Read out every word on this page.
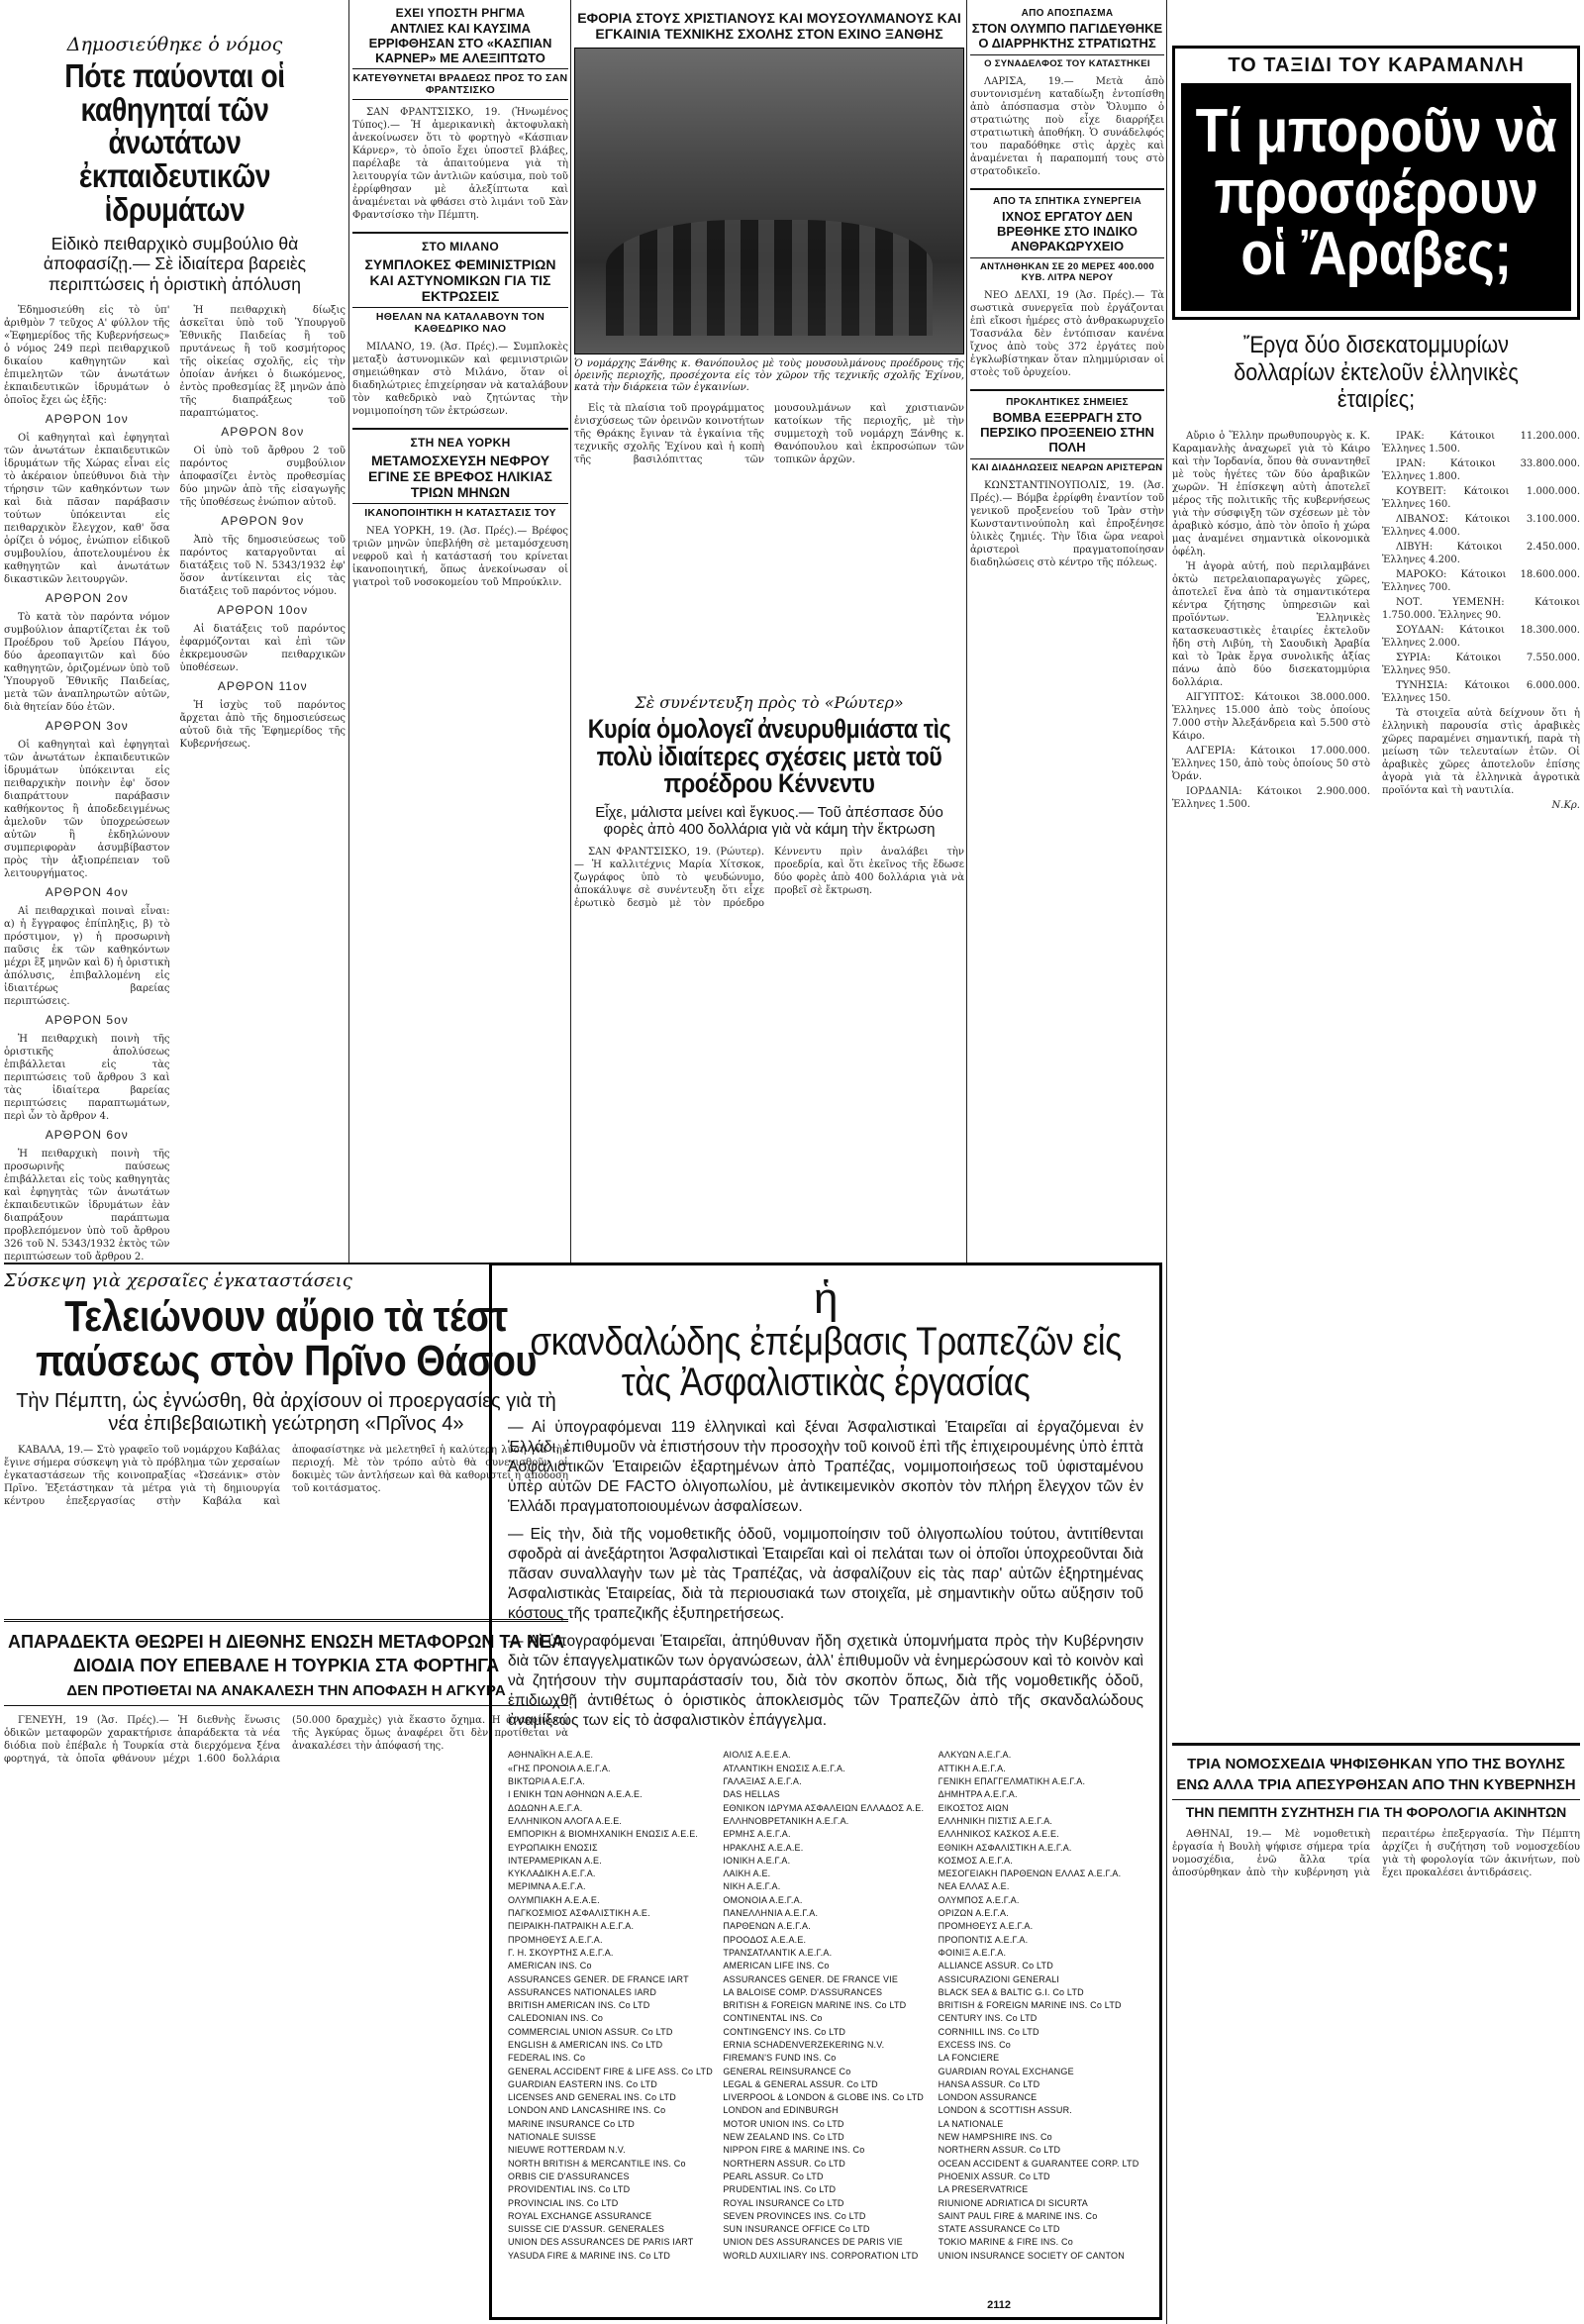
Δημοσιεύθηκε ὁ νόμος
Πότε παύονται οἱ καθηγηταί τῶν ἀνωτάτων ἐκπαιδευτικῶν ἱδρυμάτων
Εἰδικὸ πειθαρχικὸ συμβούλιο θὰ ἀποφασίζῃ.— Σὲ ἰδιαίτερα βαρειὲς περιπτώσεις ἡ ὁριστικὴ ἀπόλυση

Ἐδημοσιεύθη εἰς τὸ ὑπ' ἀριθμὸν 7 τεῦχος Α' φύλλον τῆς «Ἐφημερίδος τῆς Κυβερνήσεως» ὁ νόμος 249 περὶ πειθαρχικοῦ δικαίου καθηγητῶν καὶ ἐπιμελητῶν τῶν ἀνωτάτων ἐκπαιδευτικῶν ἱδρυμάτων ὁ ὁποῖος ἔχει ὡς ἑξῆς:

ΑΡΘΡΟΝ 1ον

Οἱ καθηγηταὶ καὶ ἐφηγηταὶ τῶν ἀνωτάτων ἐκπαιδευτικῶν ἱδρυμάτων τῆς Χώρας εἶναι εἰς τὸ ἀκέραιον ὑπεύθυνοι διὰ τὴν τήρησιν τῶν καθηκόντων των καὶ διὰ πᾶσαν παράβασιν τούτων ὑπόκεινται εἰς πειθαρχικὸν ἔλεγχον, καθ' ὅσα ὁρίζει ὁ νόμος, ἐνώπιον εἰδικοῦ συμβουλίου, ἀποτελουμένου ἐκ καθηγητῶν καὶ ἀνωτάτων δικαστικῶν λειτουργῶν.

ΑΡΘΡΟΝ 2ον

Τὸ κατὰ τὸν παρόντα νόμον συμβούλιον ἀπαρτίζεται ἐκ τοῦ Προέδρου τοῦ Ἀρείου Πάγου, δύο ἀρεοπαγιτῶν καὶ δύο καθηγητῶν, ὁριζομένων ὑπὸ τοῦ Ὑπουργοῦ Ἐθνικῆς Παιδείας, μετὰ τῶν ἀναπληρωτῶν αὐτῶν, διὰ θητείαν δύο ἐτῶν.

ΑΡΘΡΟΝ 3ον

Οἱ καθηγηταὶ καὶ ἐφηγηταὶ τῶν ἀνωτάτων ἐκπαιδευτικῶν ἱδρυμάτων ὑπόκεινται εἰς πειθαρχικὴν ποινὴν ἐφ' ὅσον διαπράττουν παράβασιν καθήκοντος ἢ ἀποδεδειγμένως ἀμελοῦν τῶν ὑποχρεώσεων αὐτῶν ἢ ἐκδηλώνουν συμπεριφορὰν ἀσυμβίβαστον πρὸς τὴν ἀξιοπρέπειαν τοῦ λειτουργήματος.

ΑΡΘΡΟΝ 4ον

Αἱ πειθαρχικαὶ ποιναὶ εἶναι: α) ἡ ἔγγραφος ἐπίπληξις, β) τὸ πρόστιμον, γ) ἡ προσωρινὴ παῦσις ἐκ τῶν καθηκόντων μέχρι ἓξ μηνῶν καὶ δ) ἡ ὁριστικὴ ἀπόλυσις, ἐπιβαλλομένη εἰς ἰδιαιτέρως βαρείας περιπτώσεις.

ΑΡΘΡΟΝ 5ον

Ἡ πειθαρχικὴ ποινὴ τῆς ὁριστικῆς ἀπολύσεως ἐπιβάλλεται εἰς τὰς περιπτώσεις τοῦ ἄρθρου 3 καὶ τὰς ἰδιαίτερα βαρείας περιπτώσεις παραπτωμάτων, περὶ ὧν τὸ ἄρθρον 4.

ΑΡΘΡΟΝ 6ον

Ἡ πειθαρχικὴ ποινὴ τῆς προσωρινῆς παύσεως ἐπιβάλλεται εἰς τοὺς καθηγητὰς καὶ ἐφηγητὰς τῶν ἀνωτάτων ἐκπαιδευτικῶν ἱδρυμάτων ἐὰν διαπράξουν παράπτωμα προβλεπόμενον ὑπὸ τοῦ ἄρθρου 326 τοῦ Ν. 5343/1932 ἐκτὸς τῶν περιπτώσεων τοῦ ἄρθρου 2.

Ἡ πειθαρχικὴ δίωξις ἀσκεῖται ὑπὸ τοῦ Ὑπουργοῦ Ἐθνικῆς Παιδείας ἢ τοῦ πρυτάνεως ἢ τοῦ κοσμήτορος τῆς οἰκείας σχολῆς, εἰς τὴν ὁποίαν ἀνήκει ὁ διωκόμενος, ἐντὸς προθεσμίας ἓξ μηνῶν ἀπὸ τῆς διαπράξεως τοῦ παραπτώματος.

ΑΡΘΡΟΝ 8ον

Οἱ ὑπὸ τοῦ ἄρθρου 2 τοῦ παρόντος συμβούλιον ἀποφασίζει ἐντὸς προθεσμίας δύο μηνῶν ἀπὸ τῆς εἰσαγωγῆς τῆς ὑποθέσεως ἐνώπιον αὐτοῦ.

ΑΡΘΡΟΝ 9ον

Ἀπὸ τῆς δημοσιεύσεως τοῦ παρόντος καταργοῦνται αἱ διατάξεις τοῦ Ν. 5343/1932 ἐφ' ὅσον ἀντίκεινται εἰς τὰς διατάξεις τοῦ παρόντος νόμου.

ΑΡΘΡΟΝ 10ον

Αἱ διατάξεις τοῦ παρόντος ἐφαρμόζονται καὶ ἐπὶ τῶν ἐκκρεμουσῶν πειθαρχικῶν ὑποθέσεων.

ΑΡΘΡΟΝ 11ον

Ἡ ἰσχὺς τοῦ παρόντος ἄρχεται ἀπὸ τῆς δημοσιεύσεως αὐτοῦ διὰ τῆς Ἐφημερίδος τῆς Κυβερνήσεως.

Σύσκεψη γιὰ χερσαῖες ἐγκαταστάσεις
Τελειώνουν αὔριο τὰ τέστ παύσεως στὸν Πρῖνο Θάσου
Τὴν Πέμπτη, ὡς ἐγνώσθη, θὰ ἀρχίσουν οἱ προεργασίες γιὰ τὴ νέα ἐπιβεβαιωτικὴ γεώτρηση «Πρῖνος 4»

ΚΑΒΑΛΑ, 19.— Στὸ γραφεῖο τοῦ νομάρχου Καβάλας ἔγινε σήμερα σύσκεψη γιὰ τὸ πρόβλημα τῶν χερσαίων ἐγκαταστάσεων τῆς κοινοπραξίας «Ὠσεάνικ» στὸν Πρῖνο. Ἐξετάστηκαν τὰ μέτρα γιὰ τὴ δημιουργία κέντρου ἐπεξεργασίας στὴν Καβάλα καὶ ἀποφασίστηκε νὰ μελετηθεῖ ἡ καλύτερη λύση γιὰ τὴν περιοχή. Μὲ τὸν τρόπο αὐτὸ θὰ συνεχισθοῦν οἱ δοκιμὲς τῶν ἀντλήσεων καὶ θὰ καθοριστεῖ ἡ ἀπόδοση τοῦ κοιτάσματος.

ΑΠΑΡΑΔΕΚΤΑ ΘΕΩΡΕΙ Η ΔΙΕΘΝΗΣ ΕΝΩΣΗ ΜΕΤΑΦΟΡΩΝ ΤΑ ΝΕΑ ΔΙΟΔΙΑ ΠΟΥ ΕΠΕΒΑΛΕ Η ΤΟΥΡΚΙΑ ΣΤΑ ΦΟΡΤΗΓΑ
ΔΕΝ ΠΡΟΤΙΘΕΤΑΙ ΝΑ ΑΝΑΚΑΛΕΣΗ ΤΗΝ ΑΠΟΦΑΣΗ Η ΑΓΚΥΡΑ

ΓΕΝΕΥΗ, 19 (Ἀσ. Πρές).— Ἡ διεθνὴς ἕνωσις ὁδικῶν μεταφορῶν χαρακτήρισε ἀπαράδεκτα τὰ νέα διόδια ποὺ ἐπέβαλε ἡ Τουρκία στὰ διερχόμενα ξένα φορτηγά, τὰ ὁποῖα φθάνουν μέχρι 1.600 δολλάρια (50.000 δραχμὲς) γιὰ ἕκαστο ὄχημα. Ἡ ἀνακοίνωση τῆς Ἀγκύρας ὅμως ἀναφέρει ὅτι δὲν προτίθεται νὰ ἀνακαλέσει τὴν ἀπόφασή της.

ΕΧΕΙ ΥΠΟΣΤΗ ΡΗΓΜΑ
ΑΝΤΛΙΕΣ ΚΑΙ ΚΑΥΣΙΜΑ ΕΡΡΙΦΘΗΣΑΝ ΣΤΟ «ΚΑΣΠΙΑΝ ΚΑΡΝΕΡ» ΜΕ ΑΛΕΞΙΠΤΩΤΟ
ΚΑΤΕΥΘΥΝΕΤΑΙ ΒΡΑΔΕΩΣ ΠΡΟΣ ΤΟ ΣΑΝ ΦΡΑΝΤΣΙΣΚΟ

ΣΑΝ ΦΡΑΝΤΣΙΣΚΟ, 19. (Ἡνωμένος Τύπος).— Ἡ ἀμερικανικὴ ἀκτοφυλακὴ ἀνεκοίνωσεν ὅτι τὸ φορτηγὸ «Κάσπιαν Κάρνερ», τὸ ὁποῖο ἔχει ὑποστεῖ βλάβες, παρέλαβε τὰ ἀπαιτούμενα γιὰ τὴ λειτουργία τῶν ἀντλιῶν καύσιμα, ποὺ τοῦ ἐρρίφθησαν μὲ ἀλεξίπτωτα καὶ ἀναμένεται νὰ φθάσει στὸ λιμάνι τοῦ Σὰν Φραντσίσκο τὴν Πέμπτη.

ΣΤΟ ΜΙΛΑΝΟ
ΣΥΜΠΛΟΚΕΣ ΦΕΜΙΝΙΣΤΡΙΩΝ ΚΑΙ ΑΣΤΥΝΟΜΙΚΩΝ ΓΙΑ ΤΙΣ ΕΚΤΡΩΣΕΙΣ
ΗΘΕΛΑΝ ΝΑ ΚΑΤΑΛΑΒΟΥΝ ΤΟΝ ΚΑΘΕΔΡΙΚΟ ΝΑΟ

ΜΙΛΑΝΟ, 19. (Ἀσ. Πρές).— Συμπλοκὲς μεταξὺ ἀστυνομικῶν καὶ φεμινιστριῶν σημειώθηκαν στὸ Μιλάνο, ὅταν οἱ διαδηλώτριες ἐπιχείρησαν νὰ καταλάβουν τὸν καθεδρικὸ ναὸ ζητώντας τὴν νομιμοποίηση τῶν ἐκτρώσεων.

ΣΤΗ ΝΕΑ ΥΟΡΚΗ
ΜΕΤΑΜΟΣΧΕΥΣΗ ΝΕΦΡΟΥ ΕΓΙΝΕ ΣΕ ΒΡΕΦΟΣ ΗΛΙΚΙΑΣ ΤΡΙΩΝ ΜΗΝΩΝ
ΙΚΑΝΟΠΟΙΗΤΙΚΗ Η ΚΑΤΑΣΤΑΣΙΣ ΤΟΥ

ΝΕΑ ΥΟΡΚΗ, 19. (Ἀσ. Πρές).— Βρέφος τριῶν μηνῶν ὑπεβλήθη σὲ μεταμόσχευση νεφροῦ καὶ ἡ κατάστασή του κρίνεται ἱκανοποιητική, ὅπως ἀνεκοίνωσαν οἱ γιατροὶ τοῦ νοσοκομείου τοῦ Μπρούκλιν.

ΕΦΟΡΙΑ ΣΤΟΥΣ ΧΡΙΣΤΙΑΝΟΥΣ ΚΑΙ ΜΟΥΣΟΥΛΜΑΝΟΥΣ ΚΑΙ ΕΓΚΑΙΝΙΑ ΤΕΧΝΙΚΗΣ ΣΧΟΛΗΣ ΣΤΟΝ ΕΧΙΝΟ ΞΑΝΘΗΣ
Ὁ νομάρχης Ξάνθης κ. Θανόπουλος μὲ τοὺς μουσουλμάνους προέδρους τῆς ὀρεινῆς περιοχῆς, προσέχοντα εἰς τὸν χῶρον τῆς τεχνικῆς σχολῆς Ἐχίνου, κατὰ τὴν διάρκεια τῶν ἐγκαινίων.

Εἰς τὰ πλαίσια τοῦ προγράμματος ἐνισχύσεως τῶν ὀρεινῶν κοινοτήτων τῆς Θράκης ἔγιναν τὰ ἐγκαίνια τῆς τεχνικῆς σχολῆς Ἐχίνου καὶ ἡ κοπὴ τῆς βασιλόπιττας τῶν μουσουλμάνων καὶ χριστιανῶν κατοίκων τῆς περιοχῆς, μὲ τὴν συμμετοχὴ τοῦ νομάρχη Ξάνθης κ. Θανόπουλου καὶ ἐκπροσώπων τῶν τοπικῶν ἀρχῶν.

Σὲ συνέντευξη πρὸς τὸ «Ρώυτερ»
Κυρία ὁμολογεῖ ἀνευρυθμιάστα τὶς πολὺ ἰδιαίτερες σχέσεις μετὰ τοῦ προέδρου Κέννεντυ
Εἶχε, μάλιστα μείνει καὶ ἔγκυος.— Τοῦ ἀπέσπασε δύο φορὲς ἀπὸ 400 δολλάρια γιὰ νὰ κάμη τὴν ἔκτρωση

ΣΑΝ ΦΡΑΝΤΣΙΣΚΟ, 19. (Ρώυτερ).— Ἡ καλλιτέχνις Μαρία Χίτσκοκ, ζωγράφος ὑπὸ τὸ ψευδώνυμο, ἀποκάλυψε σὲ συνέντευξη ὅτι εἶχε ἐρωτικὸ δεσμὸ μὲ τὸν πρόεδρο Κέννεντυ πρὶν ἀναλάβει τὴν προεδρία, καὶ ὅτι ἐκεῖνος τῆς ἔδωσε δύο φορὲς ἀπὸ 400 δολλάρια γιὰ νὰ προβεῖ σὲ ἔκτρωση.

ΑΠΟ ΑΠΟΣΠΑΣΜΑ
ΣΤΟΝ ΟΛΥΜΠΟ ΠΑΓΙΔΕΥΘΗΚΕ Ο ΔΙΑΡΡΗΚΤΗΣ ΣΤΡΑΤΙΩΤΗΣ
Ο ΣΥΝΑΔΕΛΦΟΣ ΤΟΥ ΚΑΤΑΣΤΗΚΕΙ

ΛΑΡΙΣΑ, 19.— Μετὰ ἀπὸ συντονισμένη καταδίωξη ἐντοπίσθη ἀπὸ ἀπόσπασμα στὸν Ὄλυμπο ὁ στρατιώτης ποὺ εἶχε διαρρήξει στρατιωτικὴ ἀποθήκη. Ὁ συνάδελφός του παραδόθηκε στὶς ἀρχὲς καὶ ἀναμένεται ἡ παραπομπή τους στὸ στρατοδικεῖο.

ΑΠΟ ΤΑ ΣΠΗΤΙΚΑ ΣΥΝΕΡΓΕΙΑ
ΙΧΝΟΣ ΕΡΓΑΤΟΥ ΔΕΝ ΒΡΕΘΗΚΕ ΣΤΟ ΙΝΔΙΚΟ ΑΝΘΡΑΚΩΡΥΧΕΙΟ
ΑΝΤΛΗΘΗΚΑΝ ΣΕ 20 ΜΕΡΕΣ 400.000 ΚΥΒ. ΛΙΤΡΑ ΝΕΡΟΥ

ΝΕΟ ΔΕΛΧΙ, 19 (Ἀσ. Πρές).— Τὰ σωστικὰ συνεργεῖα ποὺ ἐργάζονται ἐπὶ εἴκοσι ἡμέρες στὸ ἀνθρακωρυχεῖο Τσασνάλα δὲν ἐντόπισαν κανένα ἴχνος ἀπὸ τοὺς 372 ἐργάτες ποὺ ἐγκλωβίστηκαν ὅταν πλημμύρισαν οἱ στοὲς τοῦ ὀρυχείου.

ΠΡΟΚΛΗΤΙΚΕΣ ΣΗΜΕΙΕΣ
ΒΟΜΒΑ ΕΞΕΡΡΑΓΗ ΣΤΟ ΠΕΡΣΙΚΟ ΠΡΟΞΕΝΕΙΟ ΣΤΗΝ ΠΟΛΗ
ΚΑΙ ΔΙΑΔΗΛΩΣΕΙΣ ΝΕΑΡΩΝ ΑΡΙΣΤΕΡΩΝ

ΚΩΝΣΤΑΝΤΙΝΟΥΠΟΛΙΣ, 19. (Ἀσ. Πρές).— Βόμβα ἐρρίφθη ἐναντίον τοῦ γενικοῦ προξενείου τοῦ Ἰρὰν στὴν Κωνσταντινούπολη καὶ ἐπροξένησε ὑλικὲς ζημιές. Τὴν ἴδια ὥρα νεαροὶ ἀριστεροὶ πραγματοποίησαν διαδηλώσεις στὸ κέντρο τῆς πόλεως.

ἡ
σκανδαλώδης ἐπέμβασις Τραπεζῶν εἰς τὰς Ἀσφαλιστικὰς ἐργασίας

— Αἱ ὑπογραφόμεναι 119 ἑλληνικαὶ καὶ ξέναι Ἀσφαλιστικαὶ Ἑταιρεῖαι αἱ ἐργαζόμεναι ἐν Ἑλλάδι, ἐπιθυμοῦν νὰ ἐπιστήσουν τὴν προσοχὴν τοῦ κοινοῦ ἐπὶ τῆς ἐπιχειρουμένης ὑπὸ ἑπτὰ Ἀσφαλιστικῶν Ἑταιρειῶν ἐξαρτημένων ἀπὸ Τραπέζας, νομιμοποιήσεως τοῦ ὑφισταμένου ὑπὲρ αὐτῶν DE FACTO ὀλιγοπωλίου, μὲ ἀντικειμενικὸν σκοπὸν τὸν πλήρη ἔλεγχον τῶν ἐν Ἑλλάδι πραγματοποιουμένων ἀσφαλίσεων.

— Εἰς τὴν, διὰ τῆς νομοθετικῆς ὁδοῦ, νομιμοποίησιν τοῦ ὀλιγοπωλίου τούτου, ἀντιτίθενται σφοδρὰ αἱ ἀνεξάρτητοι Ἀσφαλιστικαὶ Ἑταιρεῖαι καὶ οἱ πελάται των οἱ ὁποῖοι ὑποχρεοῦνται διὰ πᾶσαν συναλλαγὴν των μὲ τὰς Τραπέζας, νὰ ἀσφαλίζουν εἰς τὰς παρ' αὐτῶν ἐξηρτημένας Ἀσφαλιστικὰς Ἑταιρείας, διὰ τὰ περιουσιακά των στοιχεῖα, μὲ σημαντικὴν οὕτω αὔξησιν τοῦ κόστους τῆς τραπεζικῆς ἐξυπηρετήσεως.

— Αἱ ὑπογραφόμεναι Ἑταιρεῖαι, ἀπηύθυναν ἤδη σχετικὰ ὑπομνήματα πρὸς τὴν Κυβέρνησιν διὰ τῶν ἐπαγγελματικῶν των ὀργανώσεων, ἀλλ' ἐπιθυμοῦν νὰ ἐνημερώσουν καὶ τὸ κοινὸν καὶ νὰ ζητήσουν τὴν συμπαράστασίν του, διὰ τὸν σκοπὸν ὅπως, διὰ τῆς νομοθετικῆς ὁδοῦ, ἐπιδιωχθῇ ἀντιθέτως ὁ ὁριστικὸς ἀποκλεισμὸς τῶν Τραπεζῶν ἀπὸ τῆς σκανδαλώδους ἀναμίξεώς των εἰς τὸ ἀσφαλιστικὸν ἐπάγγελμα.

ΑΘΗΝΑΪΚΗ Α.Ε.Α.Ε.	ΑΙΟΛΙΣ Α.Ε.Ε.Α.	ΑΛΚΥΩΝ Α.Ε.Γ.Α.
«ΓΗΣ ΠΡΟΝΟΙΑ Α.Ε.Γ.Α.	ΑΤΛΑΝΤΙΚΗ ΕΝΩΣΙΣ Α.Ε.Γ.Α.	ΑΤΤΙΚΗ Α.Ε.Γ.Α.
ΒΙΚΤΩΡΙΑ Α.Ε.Γ.Α.	ΓΑΛΑΞΙΑΣ Α.Ε.Γ.Α.	ΓΕΝΙΚΗ ΕΠΑΓΓΕΛΜΑΤΙΚΗ Α.Ε.Γ.Α.
Ι ΕΝΙΚΗ ΤΩΝ ΑΘΗΝΩΝ Α.Ε.Α.Ε.	DAS HELLAS	ΔΗΜΗΤΡΑ Α.Ε.Γ.Α.
ΔΩΔΩΝΗ Α.Ε.Γ.Α.	ΕΘΝΙΚΟΝ ΙΔΡΥΜΑ ΑΣΦΑΛΕΙΩΝ ΕΛΛΑΔΟΣ Α.Ε.	ΕΙΚΟΣΤΟΣ ΑΙΩΝ
ΕΛΛΗΝΙΚΟΝ ΑΛΟΓΑ Α.Ε.Ε.	ΕΛΛΗΝΟΒΡΕΤΑΝΙΚΗ Α.Ε.Γ.Α.	ΕΛΛΗΝΙΚΗ ΠΙΣΤΙΣ Α.Ε.Γ.Α.
ΕΜΠΟΡΙΚΗ & ΒΙΟΜΗΧΑΝΙΚΗ ΕΝΩΣΙΣ Α.Ε.Ε.	ΕΡΜΗΣ Α.Ε.Γ.Α.	ΕΛΛΗΝΙΚΟΣ ΚΑΣΚΟΣ Α.Ε.Ε.
ΕΥΡΩΠΑΙΚΗ ΕΝΩΣΙΣ	ΗΡΑΚΛΗΣ Α.Ε.Α.Ε.	ΕΘΝΙΚΗ ΑΣΦΑΛΙΣΤΙΚΗ Α.Ε.Γ.Α.
ΙΝΤΕΡΑΜΕΡΙΚΑΝ Α.Ε.	ΙΟΝΙΚΗ Α.Ε.Γ.Α.	ΚΟΣΜΟΣ Α.Ε.Γ.Α.
ΚΥΚΛΑΔΙΚΗ Α.Ε.Γ.Α.	ΛΑΙΚΗ Α.Ε.	ΜΕΣΟΓΕΙΑΚΗ ΠΑΡΘΕΝΩΝ ΕΛΛΑΣ Α.Ε.Γ.Α.
ΜΕΡΙΜΝΑ Α.Ε.Γ.Α.	ΝΙΚΗ Α.Ε.Γ.Α.	ΝΕΑ ΕΛΛΑΣ Α.Ε.
ΟΛΥΜΠΙΑΚΗ Α.Ε.Α.Ε.	ΟΜΟΝΟΙΑ Α.Ε.Γ.Α.	ΟΛΥΜΠΟΣ Α.Ε.Γ.Α.
ΠΑΓΚΟΣΜΙΟΣ ΑΣΦΑΛΙΣΤΙΚΗ Α.Ε.	ΠΑΝΕΛΛΗΝΙΑ Α.Ε.Γ.Α.	ΟΡΙΖΩΝ Α.Ε.Γ.Α.
ΠΕΙΡΑΙΚΗ-ΠΑΤΡΑΙΚΗ Α.Ε.Γ.Α.	ΠΑΡΘΕΝΩΝ Α.Ε.Γ.Α.	ΠΡΟΜΗΘΕΥΣ Α.Ε.Γ.Α.
ΠΡΟΜΗΘΕΥΣ Α.Ε.Γ.Α.	ΠΡΟΟΔΟΣ Α.Ε.Α.Ε.	ΠΡΟΠΟΝΤΙΣ Α.Ε.Γ.Α.
Γ. Η. ΣΚΟΥΡΤΗΣ Α.Ε.Γ.Α.	ΤΡΑΝΣΑΤΛΑΝΤΙΚ Α.Ε.Γ.Α.	ΦΟΙΝΙΞ Α.Ε.Γ.Α.
AMERICAN INS. Co	AMERICAN LIFE INS. Co	ALLIANCE ASSUR. Co LTD
ASSURANCES GENER. DE FRANCE IART	ASSURANCES GENER. DE FRANCE VIE	ASSICURAZIONI GENERALI
ASSURANCES NATIONALES IARD	LA BALOISE COMP. D'ASSURANCES	BLACK SEA & BALTIC G.I. Co LTD
BRITISH AMERICAN INS. Co LTD	BRITISH & FOREIGN MARINE INS. Co LTD	BRITISH & FOREIGN MARINE INS. Co LTD
CALEDONIAN INS. Co	CONTINENTAL INS. Co	CENTURY INS. Co LTD
COMMERCIAL UNION ASSUR. Co LTD	CONTINGENCY INS. Co LTD	CORNHILL INS. Co LTD
ENGLISH & AMERICAN INS. Co LTD	ERNIA SCHADENVERZEKERING N.V.	EXCESS INS. Co
FEDERAL INS. Co	FIREMAN'S FUND INS. Co	LA FONCIERE
GENERAL ACCIDENT FIRE & LIFE ASS. Co LTD GENERAL REINSURANCE Co	GUARDIAN ROYAL EXCHANGE
GUARDIAN EASTERN INS. Co LTD	LEGAL & GENERAL ASSUR. Co LTD	HANSA ASSUR. Co LTD
LICENSES AND GENERAL INS. Co LTD	LIVERPOOL & LONDON & GLOBE INS. Co LTD	LONDON ASSURANCE
LONDON AND LANCASHIRE INS. Co	LONDON and EDINBURGH	LONDON & SCOTTISH ASSUR.
MARINE INSURANCE Co LTD	MOTOR UNION INS. Co LTD	LA NATIONALE
NATIONALE SUISSE	NEW ZEALAND INS. Co LTD	NEW HAMPSHIRE INS. Co
NIEUWE ROTTERDAM N.V.	NIPPON FIRE & MARINE INS. Co	NORTHERN ASSUR. Co LTD
NORTH BRITISH & MERCANTILE INS. Co	NORTHERN ASSUR. Co LTD	OCEAN ACCIDENT & GUARANTEE CORP. LTD
ORBIS CIE D'ASSURANCES	PEARL ASSUR. Co LTD	PHOENIX ASSUR. Co LTD
PROVIDENTIAL INS. Co LTD	PRUDENTIAL INS. Co LTD	LA PRESERVATRICE
PROVINCIAL INS. Co LTD	ROYAL INSURANCE Co LTD	RIUNIONE ADRIATICA DI SICURTA
ROYAL EXCHANGE ASSURANCE	SEVEN PROVINCES INS. Co LTD	SAINT PAUL FIRE & MARINE INS. Co
SUISSE CIE D'ASSUR. GENERALES	SUN INSURANCE OFFICE Co LTD	STATE ASSURANCE Co LTD
UNION DES ASSURANCES DE PARIS IART	UNION DES ASSURANCES DE PARIS VIE	TOKIO MARINE & FIRE INS. Co
YASUDA FIRE & MARINE INS. Co LTD	WORLD AUXILIARY INS. CORPORATION LTD	UNION INSURANCE SOCIETY OF CANTON
2112
ΤΟ ΤΑΞΙΔΙ ΤΟΥ ΚΑΡΑΜΑΝΛΗ
Τί μποροῦν νὰ προσφέρουν οἱ Ἄραβες;
Ἔργα δύο δισεκατομμυρίων δολλαρίων ἐκτελοῦν ἑλληνικὲς ἑταιρίες;

Αὔριο ὁ Ἕλλην πρωθυπουργὸς κ. Κ. Καραμανλὴς ἀναχωρεῖ γιὰ τὸ Κάιρο καὶ τὴν Ἰορδανία, ὅπου θὰ συναντηθεῖ μὲ τοὺς ἡγέτες τῶν δύο ἀραβικῶν χωρῶν. Ἡ ἐπίσκεψη αὐτὴ ἀποτελεῖ μέρος τῆς πολιτικῆς τῆς κυβερνήσεως γιὰ τὴν σύσφιγξη τῶν σχέσεων μὲ τὸν ἀραβικὸ κόσμο, ἀπὸ τὸν ὁποῖο ἡ χώρα μας ἀναμένει σημαντικὰ οἰκονομικὰ ὀφέλη.

Ἡ ἀγορὰ αὐτή, ποὺ περιλαμβάνει ὀκτὼ πετρελαιοπαραγωγὲς χῶρες, ἀποτελεῖ ἕνα ἀπὸ τὰ σημαντικότερα κέντρα ζήτησης ὑπηρεσιῶν καὶ προϊόντων. Ἑλληνικὲς κατασκευαστικὲς ἑταιρίες ἐκτελοῦν ἤδη στὴ Λιβύη, τὴ Σαουδικὴ Ἀραβία καὶ τὸ Ἰρὰκ ἔργα συνολικῆς ἀξίας πάνω ἀπὸ δύο δισεκατομμύρια δολλάρια.

ΑΙΓΥΠΤΟΣ: Κάτοικοι 38.000.000. Ἑλληνες 15.000 ἀπὸ τοὺς ὁποίους 7.000 στὴν Ἀλεξάνδρεια καὶ 5.500 στὸ Κάιρο.

ΑΛΓΕΡΙΑ: Κάτοικοι 17.000.000. Ἑλληνες 150, ἀπὸ τοὺς ὁποίους 50 στὸ Ὀράν.

ΙΟΡΔΑΝΙΑ: Κάτοικοι 2.900.000. Ἑλληνες 1.500.

ΙΡΑΚ: Κάτοικοι 11.200.000. Ἑλληνες 1.500.

ΙΡΑΝ: Κάτοικοι 33.800.000. Ἑλληνες 1.800.

ΚΟΥΒΕΙΤ: Κάτοικοι 1.000.000. Ἑλληνες 160.

ΛΙΒΑΝΟΣ: Κάτοικοι 3.100.000. Ἑλληνες 4.000.

ΛΙΒΥΗ: Κάτοικοι 2.450.000. Ἑλληνες 4.200.

ΜΑΡΟΚΟ: Κάτοικοι 18.600.000. Ἑλληνες 700.

ΝΟΤ. ΥΕΜΕΝΗ: Κάτοικοι 1.750.000. Ἑλληνες 90.

ΣΟΥΔΑΝ: Κάτοικοι 18.300.000. Ἑλληνες 2.000.

ΣΥΡΙΑ: Κάτοικοι 7.550.000. Ἑλληνες 950.

ΤΥΝΗΣΙΑ: Κάτοικοι 6.000.000. Ἑλληνες 150.

Τὰ στοιχεῖα αὐτὰ δείχνουν ὅτι ἡ ἑλληνικὴ παρουσία στὶς ἀραβικὲς χῶρες παραμένει σημαντική, παρὰ τὴ μείωση τῶν τελευταίων ἐτῶν. Οἱ ἀραβικὲς χῶρες ἀποτελοῦν ἐπίσης ἀγορὰ γιὰ τὰ ἑλληνικὰ ἀγροτικὰ προϊόντα καὶ τὴ ναυτιλία.

Ν.Κρ.

ΤΡΙΑ ΝΟΜΟΣΧΕΔΙΑ ΨΗΦΙΣΘΗΚΑΝ ΥΠΟ ΤΗΣ ΒΟΥΛΗΣ ΕΝΩ ΑΛΛΑ ΤΡΙΑ ΑΠΕΣΥΡΘΗΣΑΝ ΑΠΟ ΤΗΝ ΚΥΒΕΡΝΗΣΗ
ΤΗΝ ΠΕΜΠΤΗ ΣΥΖΗΤΗΣΗ ΓΙΑ ΤΗ ΦΟΡΟΛΟΓΙΑ ΑΚΙΝΗΤΩΝ

ΑΘΗΝΑΙ, 19.— Μὲ νομοθετικὴ ἐργασία ἡ Βουλὴ ψήφισε σήμερα τρία νομοσχέδια, ἐνῶ ἄλλα τρία ἀποσύρθηκαν ἀπὸ τὴν κυβέρνηση γιὰ περαιτέρω ἐπεξεργασία. Τὴν Πέμπτη ἀρχίζει ἡ συζήτηση τοῦ νομοσχεδίου γιὰ τὴ φορολογία τῶν ἀκινήτων, ποὺ ἔχει προκαλέσει ἀντιδράσεις.
